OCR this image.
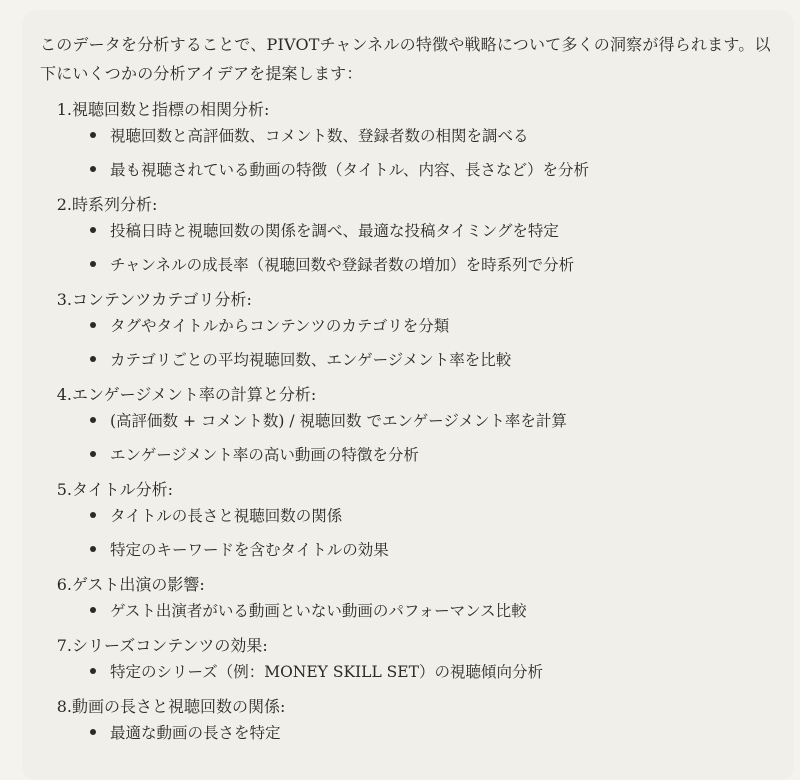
このデータを分析することで、PIVOTチャンネルの特徴や戦略について多くの洞察が得られます。以下にいくつかの分析アイデアを提案します：

1. 視聴回数と指標の相関分析:
視聴回数と高評価数、コメント数、登録者数の相関を調べる
最も視聴されている動画の特徴（タイトル、内容、長さなど）を分析
2. 時系列分析:
投稿日時と視聴回数の関係を調べ、最適な投稿タイミングを特定
チャンネルの成長率（視聴回数や登録者数の増加）を時系列で分析
3. コンテンツカテゴリ分析:
タグやタイトルからコンテンツのカテゴリを分類
カテゴリごとの平均視聴回数、エンゲージメント率を比較
4. エンゲージメント率の計算と分析:
(高評価数 + コメント数) / 視聴回数 でエンゲージメント率を計算
エンゲージメント率の高い動画の特徴を分析
5. タイトル分析:
タイトルの長さと視聴回数の関係
特定のキーワードを含むタイトルの効果
6. ゲスト出演の影響:
ゲスト出演者がいる動画といない動画のパフォーマンス比較
7. シリーズコンテンツの効果:
特定のシリーズ（例：MONEY SKILL SET）の視聴傾向分析
8. 動画の長さと視聴回数の関係:
最適な動画の長さを特定
